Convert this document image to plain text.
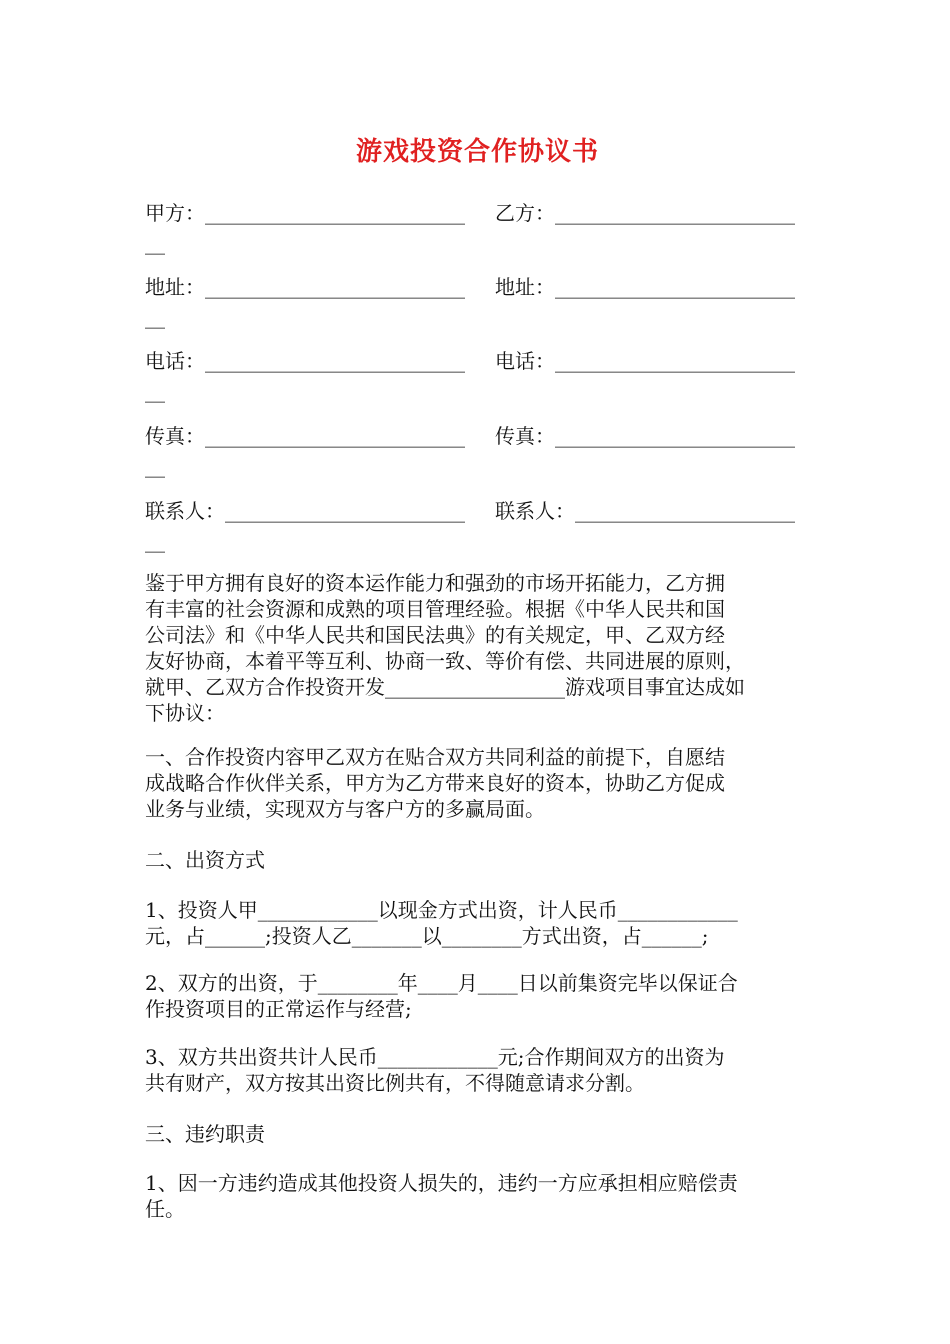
游戏投资合作协议书
甲方：__________________________ 乙方：________________________
__
地址：__________________________ 地址：________________________
__
电话：__________________________ 电话：________________________
__
传真：__________________________ 传真：________________________
__
联系人：________________________ 联系人：______________________
__
鉴于甲方拥有良好的资本运作能力和强劲的市场开拓能力，乙方拥
有丰富的社会资源和成熟的项目管理经验。根据《中华人民共和国
公司法》和《中华人民共和国民法典》的有关规定，甲、乙双方经
友好协商，本着平等互利、协商一致、等价有偿、共同进展的原则，
就甲、乙双方合作投资开发__________________游戏项目事宜达成如
下协议：
一、合作投资内容甲乙双方在贴合双方共同利益的前提下，自愿结
成战略合作伙伴关系，甲方为乙方带来良好的资本，协助乙方促成
业务与业绩，实现双方与客户方的多赢局面。
二、出资方式
1、投资人甲____________以现金方式出资，计人民币____________
元，占______;投资人乙_______以________方式出资，占______;
2、双方的出资，于________年____月____日以前集资完毕以保证合
作投资项目的正常运作与经营;
3、双方共出资共计人民币____________元;合作期间双方的出资为
共有财产，双方按其出资比例共有，不得随意请求分割。
三、违约职责
1、因一方违约造成其他投资人损失的，违约一方应承担相应赔偿责
任。
